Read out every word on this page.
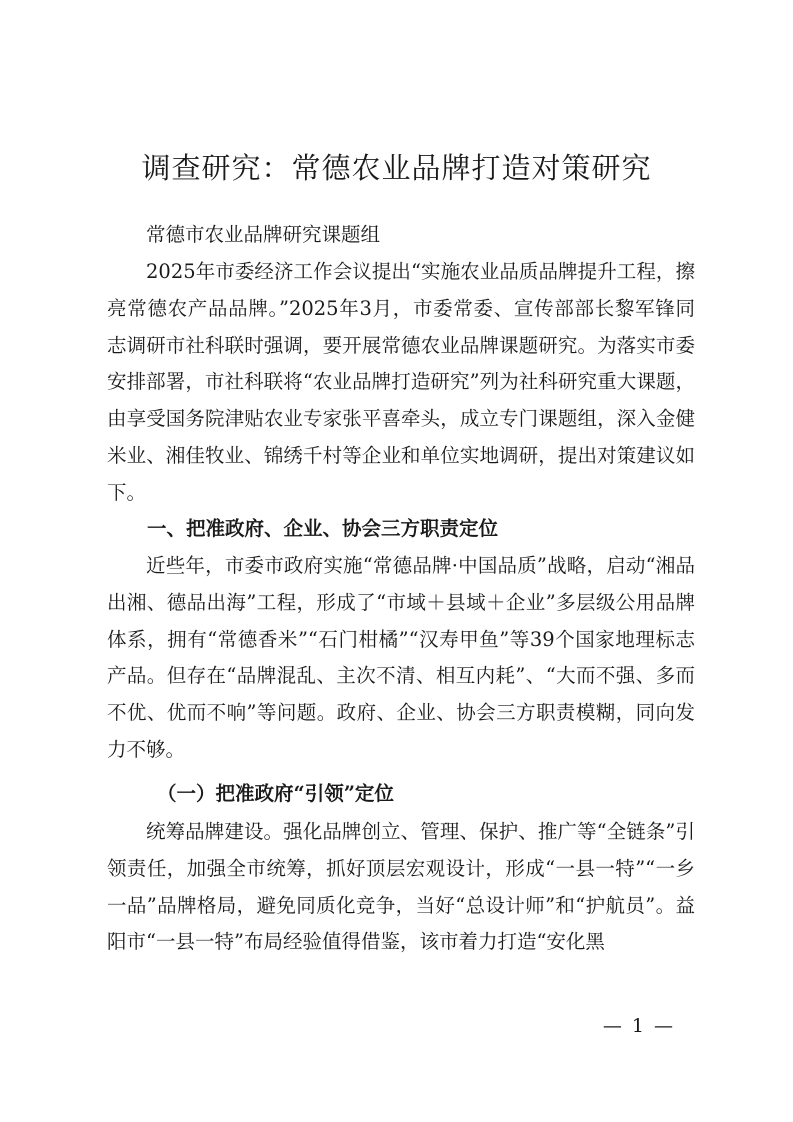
调查研究：常德农业品牌打造对策研究

常德市农业品牌研究课题组

2025年市委经济工作会议提出“实施农业品质品牌提升工程，擦亮常德农产品品牌。”2025年3月，市委常委、宣传部部长黎军锋同志调研市社科联时强调，要开展常德农业品牌课题研究。为落实市委安排部署，市社科联将“农业品牌打造研究”列为社科研究重大课题，由享受国务院津贴农业专家张平喜牵头，成立专门课题组，深入金健米业、湘佳牧业、锦绣千村等企业和单位实地调研，提出对策建议如下。

一、把准政府、企业、协会三方职责定位

近些年，市委市政府实施“常德品牌·中国品质”战略，启动“湘品出湘、德品出海”工程，形成了“市域＋县域＋企业”多层级公用品牌体系，拥有“常德香米”“石门柑橘”“汉寿甲鱼”等39个国家地理标志产品。但存在“品牌混乱、主次不清、相互内耗”、“大而不强、多而不优、优而不响”等问题。政府、企业、协会三方职责模糊，同向发力不够。

（一）把准政府“引领”定位

统筹品牌建设。强化品牌创立、管理、保护、推广等“全链条”引领责任，加强全市统筹，抓好顶层宏观设计，形成“一县一特”“一乡一品”品牌格局，避免同质化竞争，当好“总设计师”和“护航员”。益阳市“一县一特”布局经验值得借鉴，该市着力打造“安化黑

— 1 —
